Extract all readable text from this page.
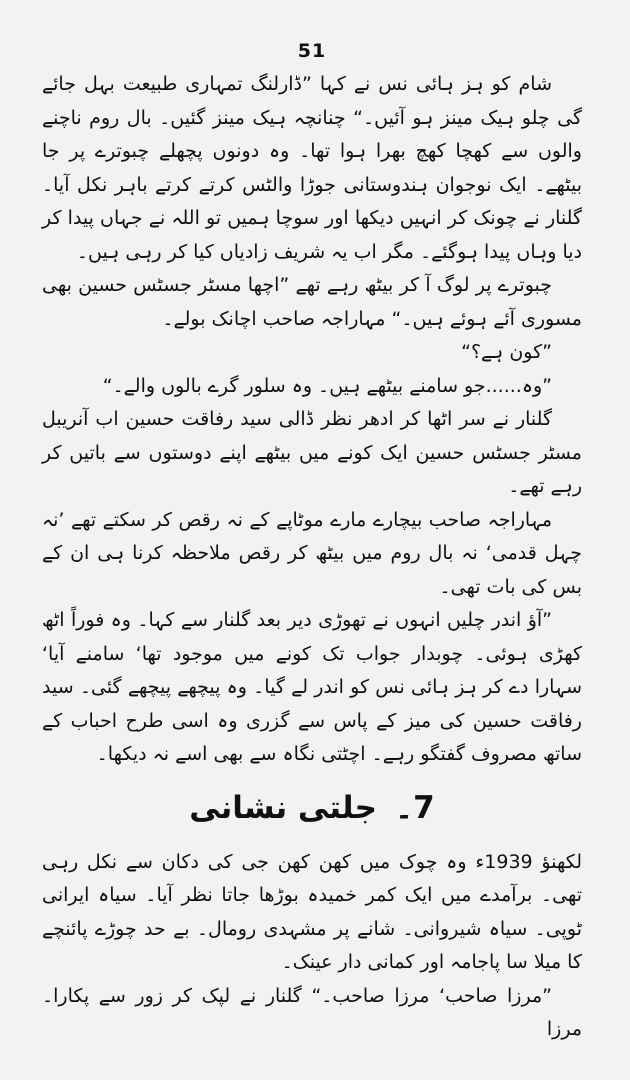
51

شام کو ہز ہائی نس نے کہا ”ڈارلنگ تمہاری طبیعت بہل جائے گی چلو ہیک مینز ہو آئیں۔“ چنانچہ ہیک مینز گئیں۔ بال روم ناچنے والوں سے کھچا کھچ بھرا ہوا تھا۔ وہ دونوں پچھلے چبوترے پر جا بیٹھے۔ ایک نوجوان ہندوستانی جوڑا والٹس کرتے کرتے باہر نکل آیا۔ گلنار نے چونک کر انہیں دیکھا اور سوچا ہمیں تو اللہ نے جہاں پیدا کر دیا وہاں پیدا ہوگئے۔ مگر اب یہ شریف زادیاں کیا کر رہی ہیں۔

چبوترے پر لوگ آ کر بیٹھ رہے تھے ”اچھا مسٹر جسٹس حسین بھی مسوری آئے ہوئے ہیں۔“ مہاراجہ صاحب اچانک بولے۔

”کون ہے؟“

”وہ......جو سامنے بیٹھے ہیں۔ وہ سلور گرے بالوں والے۔“

گلنار نے سر اٹھا کر ادھر نظر ڈالی سید رفاقت حسین اب آنریبل مسٹر جسٹس حسین ایک کونے میں بیٹھے اپنے دوستوں سے باتیں کر رہے تھے۔

مہاراجہ صاحب بیچارے مارے موٹاپے کے نہ رقص کر سکتے تھے ’نہ چہل قدمی‘ نہ بال روم میں بیٹھ کر رقص ملاحظہ کرنا ہی ان کے بس کی بات تھی۔

”آؤ اندر چلیں انہوں نے تھوڑی دیر بعد گلنار سے کہا۔ وہ فوراً اٹھ کھڑی ہوئی۔ چوبدار جواب تک کونے میں موجود تھا‘ سامنے آیا‘ سہارا دے کر ہز ہائی نس کو اندر لے گیا۔ وہ پیچھے پیچھے گئی۔ سید رفاقت حسین کی میز کے پاس سے گزری وہ اسی طرح احباب کے ساتھ مصروف گفتگو رہے۔ اچٹتی نگاہ سے بھی اسے نہ دیکھا۔

7۔جلتی نشانی

لکھنؤ 1939ء وہ چوک میں کھن کھن جی کی دکان سے نکل رہی تھی۔ برآمدے میں ایک کمر خمیدہ بوڑھا جاتا نظر آیا۔ سیاہ ایرانی ٹوپی۔ سیاہ شیروانی۔ شانے پر مشہدی رومال۔ بے حد چوڑے پائنچے کا میلا سا پاجامہ اور کمانی دار عینک۔

”مرزا صاحب‘ مرزا صاحب۔“ گلنار نے لپک کر زور سے پکارا۔ مرزا
